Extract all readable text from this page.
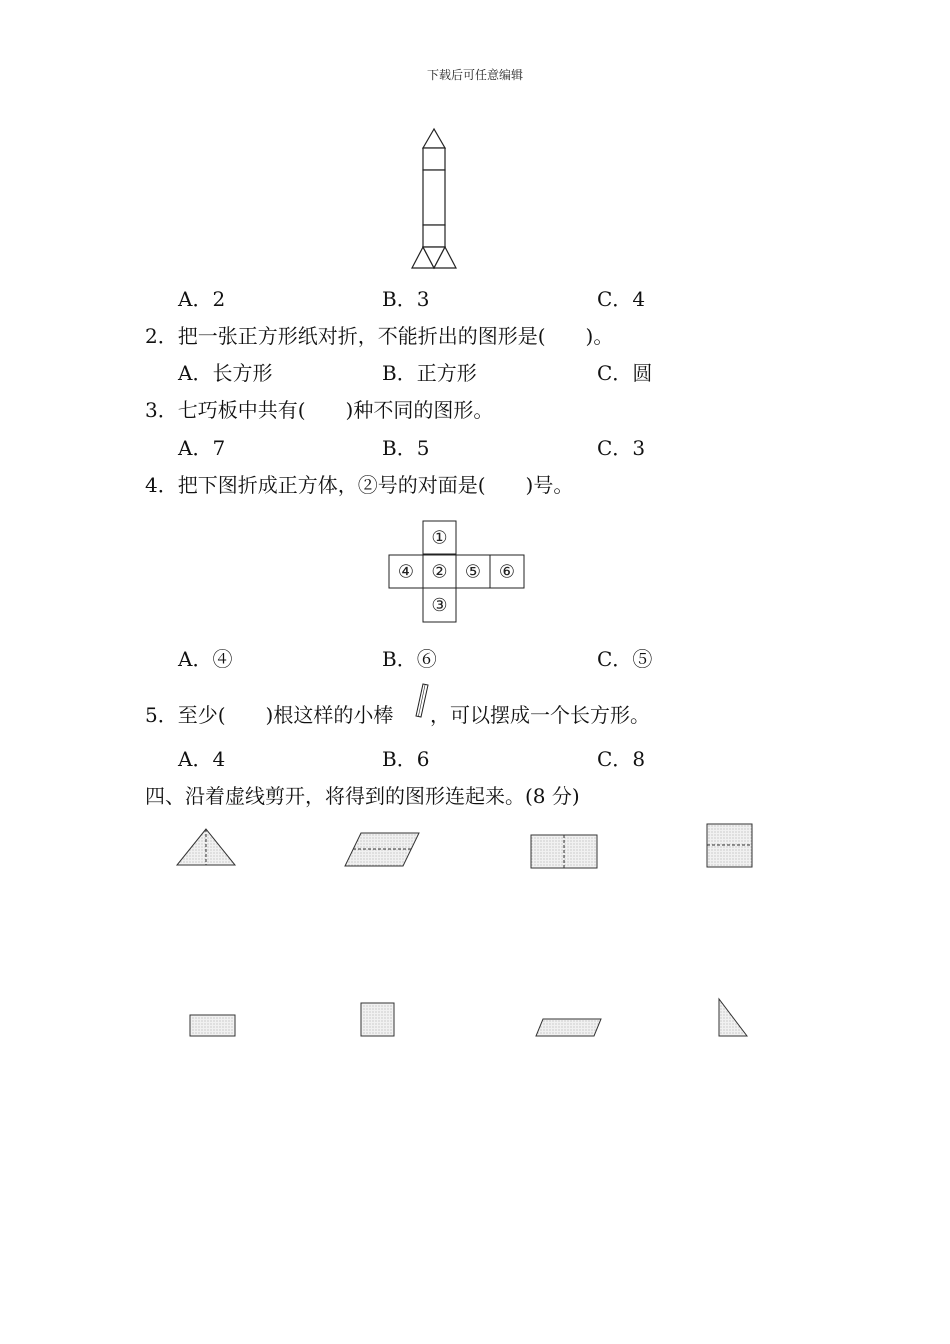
下载后可任意编辑
A．2	B．3	C．4
2．把一张正方形纸对折，不能折出的图形是(　　)。
A．长方形	B．正方形	C．圆
3．七巧板中共有(　　)种不同的图形。
A．7	B．5	C．3
4．把下图折成正方体，②号的对面是(　　)号。
①
④ ② ⑤ ⑥
③
A．④	B．⑥	C．⑤
5．至少(　　)根这样的小棒 ，可以摆成一个长方形。
A．4	B．6	C．8
四、沿着虚线剪开，将得到的图形连起来。(8 分)
